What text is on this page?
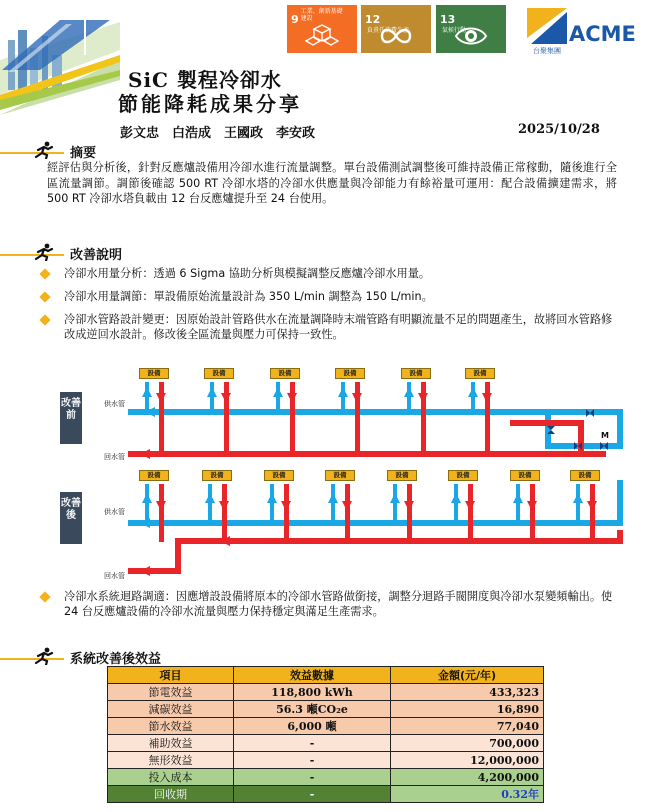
9工業、創新基礎建設	12負責任消費生產
13氣候行動	ACME
台聚集團
SiC 製程冷卻水
節能降耗成果分享
彭文忠　白浩成　王國政　李安政	2025/10/28
摘要
經評估與分析後，針對反應爐設備用冷卻水進行流量調整。單台設備測試調整後可維持設備正常稼動，隨後進行全區流量調節。調節後確認 500 RT 冷卻水塔的冷卻水供應量與冷卻能力有餘裕量可運用：配合設備擴建需求，將 500 RT 冷卻水塔負載由 12 台反應爐提升至 24 台使用。
改善說明
冷卻水用量分析：透過 6 Sigma 協助分析與模擬調整反應爐冷卻水用量。
冷卻水用量調節：單設備原始流量設計為 350 L/min 調整為 150 L/min。
冷卻水管路設計變更：因原始設計管路供水在流量調降時末端管路有明顯流量不足的問題產生，故將回水管路修改成逆回水設計。修改後全區流量與壓力可保持一致性。
改善前
改善後
供水管
回水管
供水管
回水管
M
設備	設備	設備	設備	設備	設備
設備	設備	設備	設備	設備	設備	設備	設備
冷卻水系統迴路調適：因應增設設備將原本的冷卻水管路做銜接，調整分迴路手閥開度與冷卻水泵變頻輸出。使 24 台反應爐設備的冷卻水流量與壓力保持穩定與滿足生產需求。
系統改善後效益
項目	效益數據	金額(元/年)
節電效益	118,800 kWh	433,323
減碳效益	56.3 噸CO₂e	16,890
節水效益	6,000 噸	77,040
補助效益	-	700,000
無形效益	-	12,000,000
投入成本	-	4,200,000
回收期	-	0.32年
